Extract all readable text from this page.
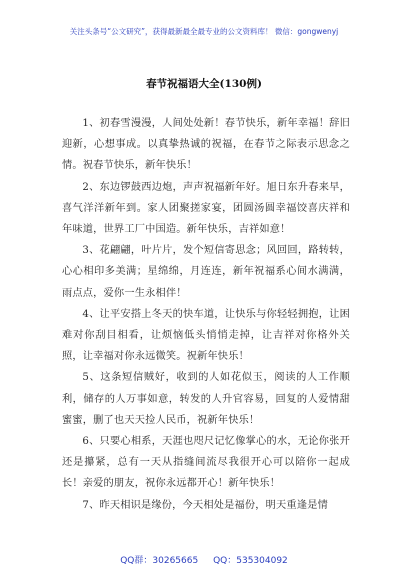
关注头条号“公文研究”，获得最新最全最专业的公文资料库！ 微信：gongwenyj
春节祝福语大全(130例)

1、初春雪漫漫，人间处处新！春节快乐，新年幸福！辞旧迎新，心想事成。以真挚热诚的祝福，在春节之际表示思念之情。祝春节快乐，新年快乐！

2、东边锣鼓西边炮，声声祝福新年好。旭日东升春来早，喜气洋洋新年到。家人团聚搓家宴，团圆汤圆幸福饺喜庆祥和年味道，世界工厂中国造。新年快乐，吉祥如意！

3、花翩翩，叶片片，发个短信寄思念；风回回，路转转，心心相印多美满；星绵绵，月连连，新年祝福系心间水满满，雨点点，爱你一生永相伴！

4、让平安搭上冬天的快车道，让快乐与你轻轻拥抱，让困难对你刮目相看，让烦恼低头悄悄走掉，让吉祥对你格外关照，让幸福对你永远微笑。祝新年快乐！

5、这条短信贼好，收到的人如花似玉，阅读的人工作顺利，储存的人万事如意，转发的人升官容易，回复的人爱情甜蜜蜜，删了也天天捡人民币，祝新年快乐！

6、只要心相系，天涯也咫尺记忆像掌心的水，无论你张开还是攥紧，总有一天从指缝间流尽我很开心可以陪你一起成长！亲爱的朋友，祝你永远都开心！新年快乐！

7、昨天相识是缘份，今天相处是福份，明天重逢是情

QQ群：30265665 QQ：535304092
